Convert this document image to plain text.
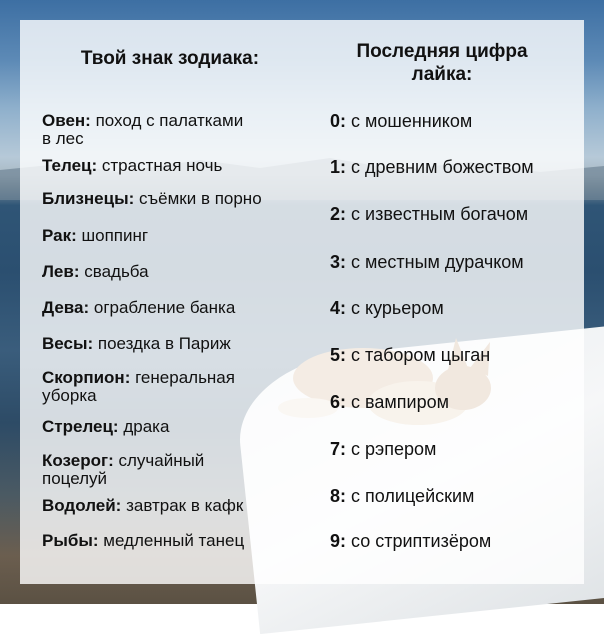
Твой знак зодиака:	Последняя цифра
лайка:
Овен: поход с палатками
в лес
Телец: страстная ночь
Близнецы: съёмки в порно
Рак: шоппинг
Лев: свадьба
Дева: ограбление банка
Весы: поездка в Париж
Скорпион: генеральная
уборка
Стрелец: драка
Козерог: случайный
поцелуй
Водолей: завтрак в кафк
Рыбы: медленный танец
0: с мошенником
1: с древним божеством
2: с известным богачом
3: с местным дурачком
4: с курьером
5: с табором цыган
6: с вампиром
7: с рэпером
8: с полицейским
9: со стриптизёром
